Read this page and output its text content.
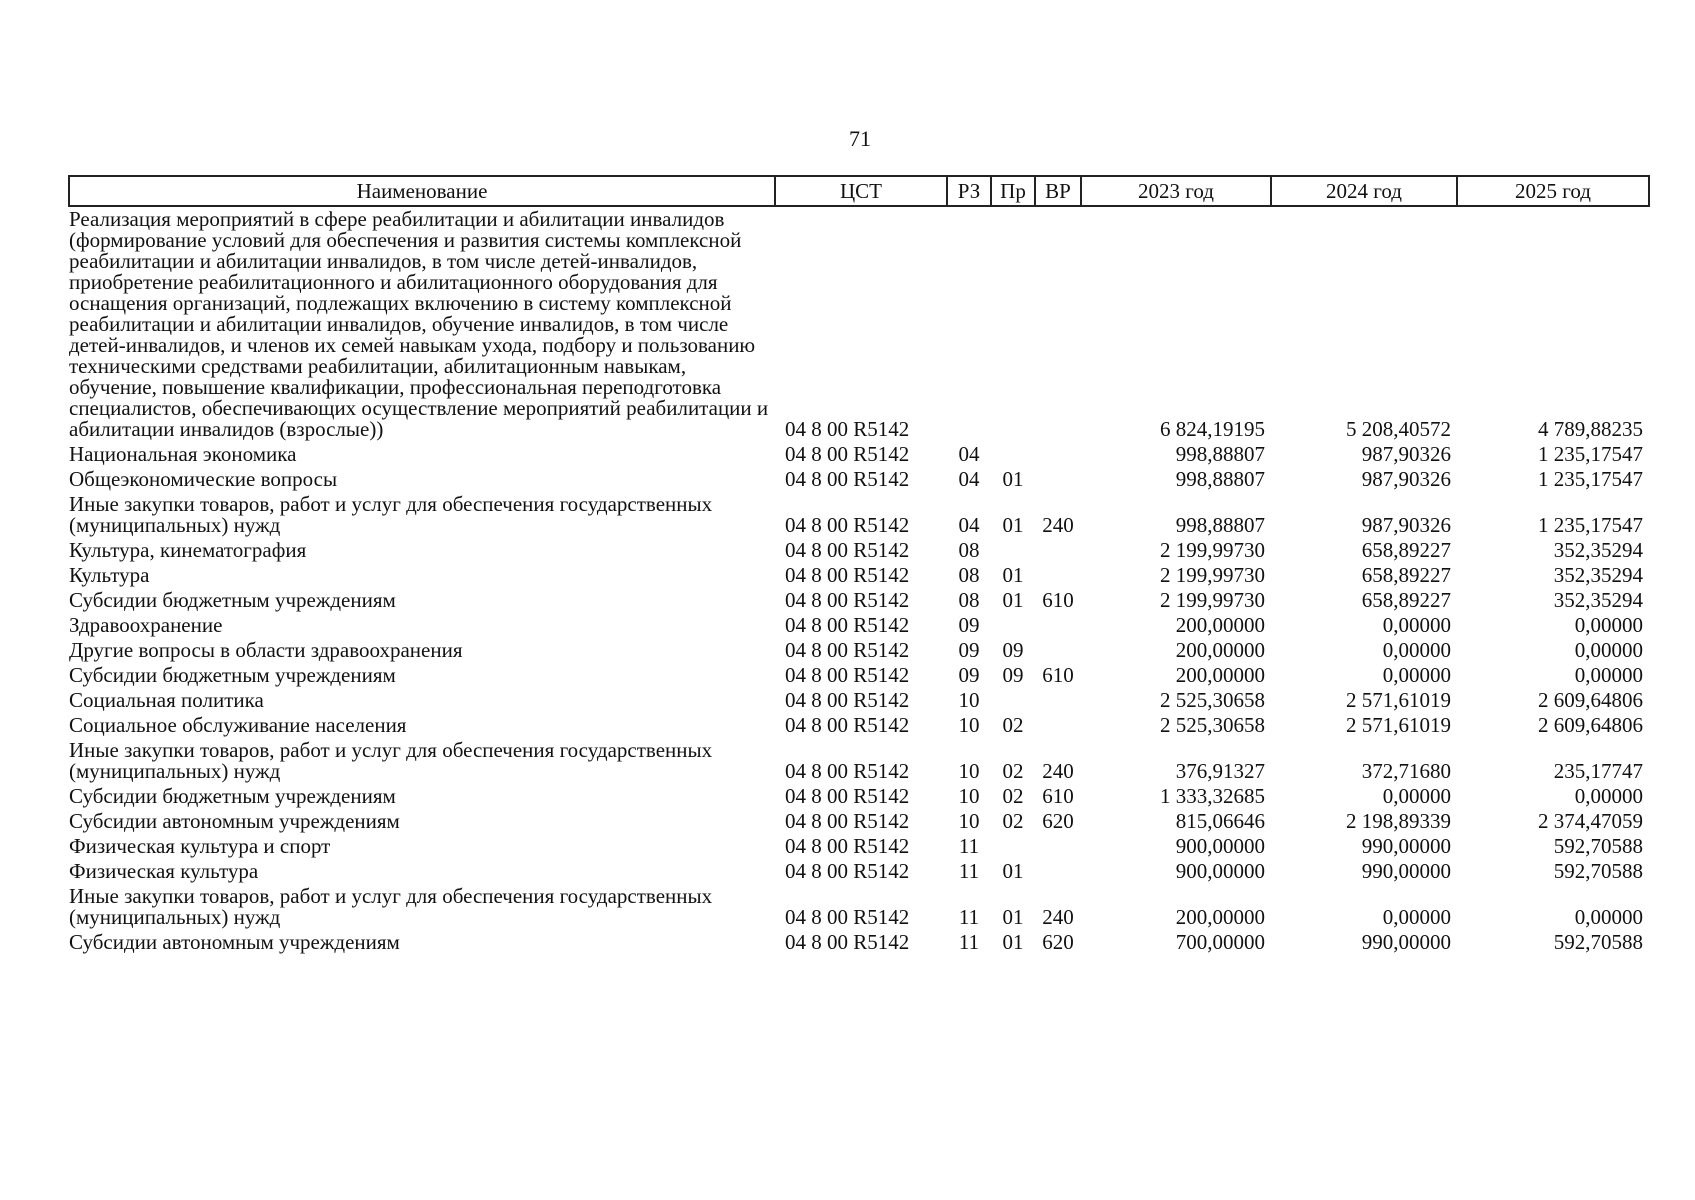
71
Наименование	ЦСТ	РЗ	Пр	ВР	2023 год	2024 год	2025 год
Реализация мероприятий в сфере реабилитации и абилитации инвалидов (формирование условий для обеспечения и развития системы комплексной реабилитации и абилитации инвалидов, в том числе детей-инвалидов, приобретение реабилитационного и абилитационного оборудования для оснащения организаций, подлежащих включению в систему комплексной реабилитации и абилитации инвалидов, обучение инвалидов, в том числе детей-инвалидов, и членов их семей навыкам ухода, подбору и пользованию техническими средствами реабилитации, абилитационным навыкам, обучение, повышение квалификации, профессиональная переподготовка специалистов, обеспечивающих осуществление мероприятий реабилитации и абилитации инвалидов (взрослые))	04 8 00 R5142				6 824,19195	5 208,40572	4 789,88235
Национальная экономика	04 8 00 R5142	04			998,88807	987,90326	1 235,17547
Общеэкономические вопросы	04 8 00 R5142	04	01		998,88807	987,90326	1 235,17547
Иные закупки товаров, работ и услуг для обеспечения государственных (муниципальных) нужд	04 8 00 R5142	04	01	240	998,88807	987,90326	1 235,17547
Культура, кинематография	04 8 00 R5142	08			2 199,99730	658,89227	352,35294
Культура	04 8 00 R5142	08	01		2 199,99730	658,89227	352,35294
Субсидии бюджетным учреждениям	04 8 00 R5142	08	01	610	2 199,99730	658,89227	352,35294
Здравоохранение	04 8 00 R5142	09			200,00000	0,00000	0,00000
Другие вопросы в области здравоохранения	04 8 00 R5142	09	09		200,00000	0,00000	0,00000
Субсидии бюджетным учреждениям	04 8 00 R5142	09	09	610	200,00000	0,00000	0,00000
Социальная политика	04 8 00 R5142	10			2 525,30658	2 571,61019	2 609,64806
Социальное обслуживание населения	04 8 00 R5142	10	02		2 525,30658	2 571,61019	2 609,64806
Иные закупки товаров, работ и услуг для обеспечения государственных (муниципальных) нужд	04 8 00 R5142	10	02	240	376,91327	372,71680	235,17747
Субсидии бюджетным учреждениям	04 8 00 R5142	10	02	610	1 333,32685	0,00000	0,00000
Субсидии автономным учреждениям	04 8 00 R5142	10	02	620	815,06646	2 198,89339	2 374,47059
Физическая культура и спорт	04 8 00 R5142	11			900,00000	990,00000	592,70588
Физическая культура	04 8 00 R5142	11	01		900,00000	990,00000	592,70588
Иные закупки товаров, работ и услуг для обеспечения государственных (муниципальных) нужд	04 8 00 R5142	11	01	240	200,00000	0,00000	0,00000
Субсидии автономным учреждениям	04 8 00 R5142	11	01	620	700,00000	990,00000	592,70588
